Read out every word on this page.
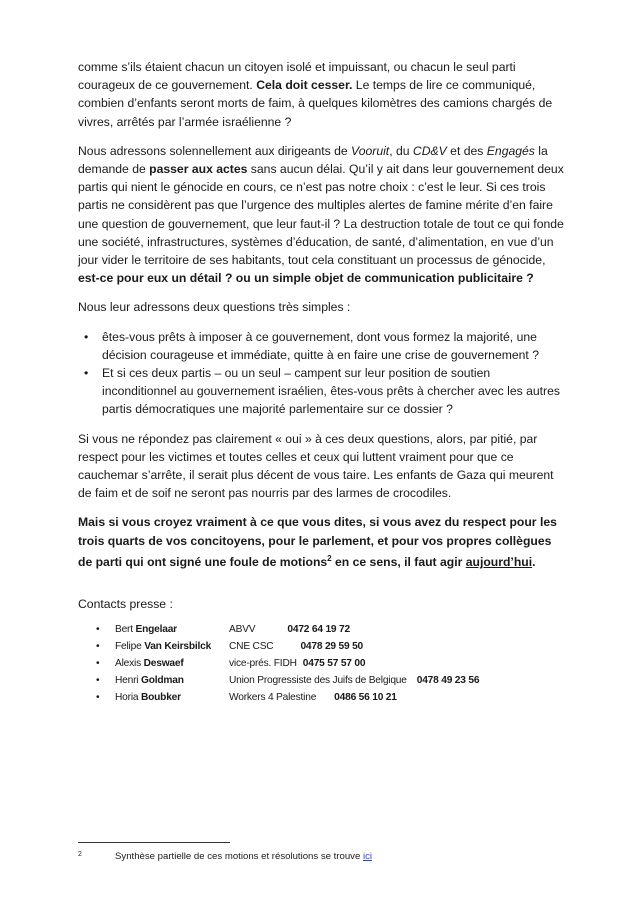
comme s’ils étaient chacun un citoyen isolé et impuissant, ou chacun le seul parti courageux de ce gouvernement. Cela doit cesser. Le temps de lire ce communiqué, combien d’enfants seront morts de faim, à quelques kilomètres des camions chargés de vivres, arrêtés par l’armée israélienne ?

Nous adressons solennellement aux dirigeants de Vooruit, du CD&V et des Engagés la demande de passer aux actes sans aucun délai. Qu’il y ait dans leur gouvernement deux partis qui nient le génocide en cours, ce n’est pas notre choix : c’est le leur. Si ces trois partis ne considèrent pas que l’urgence des multiples alertes de famine mérite d’en faire une question de gouvernement, que leur faut-il ? La destruction totale de tout ce qui fonde une société, infrastructures, systèmes d’éducation, de santé, d’alimentation, en vue d’un jour vider le territoire de ses habitants, tout cela constituant un processus de génocide, est-ce pour eux un détail ? ou un simple objet de communication publicitaire ?

Nous leur adressons deux questions très simples :

• êtes-vous prêts à imposer à ce gouvernement, dont vous formez la majorité, une décision courageuse et immédiate, quitte à en faire une crise de gouvernement ?
• Et si ces deux partis – ou un seul – campent sur leur position de soutien inconditionnel au gouvernement israélien, êtes-vous prêts à chercher avec les autres partis démocratiques une majorité parlementaire sur ce dossier ?

Si vous ne répondez pas clairement « oui » à ces deux questions, alors, par pitié, par respect pour les victimes et toutes celles et ceux qui luttent vraiment pour que ce cauchemar s’arrête, il serait plus décent de vous taire. Les enfants de Gaza qui meurent de faim et de soif ne seront pas nourris par des larmes de crocodiles.

Mais si vous croyez vraiment à ce que vous dites, si vous avez du respect pour les trois quarts de vos concitoyens, pour le parlement, et pour vos propres collègues de parti qui ont signé une foule de motions$^2$ en ce sens, il faut agir aujourd’hui.

Contacts presse :

• Bert Engelaar	ABVV	0472 64 19 72
• Felipe Van Keirsbilck CNE CSC	0478 29 59 50
• Alexis Deswaef	vice-prés. FIDH 0475 57 57 00
• Henri Goldman	Union Progressiste des Juifs de Belgique 0478 49 23 56
• Horia Boubker	Workers 4 Palestine 0486 56 10 21
2	Synthèse partielle de ces motions et résolutions se trouve ici
